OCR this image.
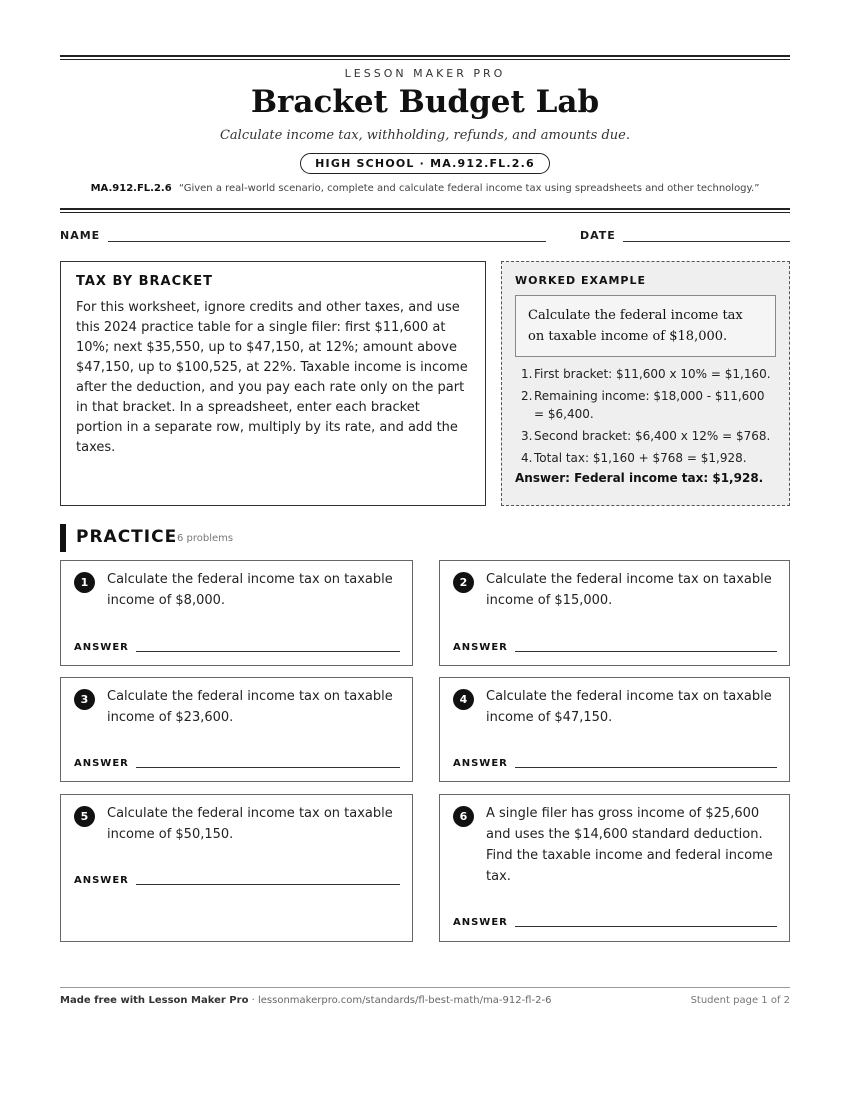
LESSON MAKER PRO
Bracket Budget Lab
Calculate income tax, withholding, refunds, and amounts due.
HIGH SCHOOL · MA.912.FL.2.6
MA.912.FL.2.6 “Given a real-world scenario, complete and calculate federal income tax using spreadsheets and other technology.”
NAME	DATE
TAX BY BRACKET
For this worksheet, ignore credits and other taxes, and use this 2024 practice table for a single filer: first $11,600 at 10%; next $35,550, up to $47,150, at 12%; amount above $47,150, up to $100,525, at 22%. Taxable income is income after the deduction, and you pay each rate only on the part in that bracket. In a spreadsheet, enter each bracket portion in a separate row, multiply by its rate, and add the taxes.
WORKED EXAMPLE
Calculate the federal income tax on taxable income of $18,000.
1. First bracket: $11,600 x 10% = $1,160.
2. Remaining income: $18,000 - $11,600 = $6,400.
3. Second bracket: $6,400 x 12% = $768.
4. Total tax: $1,160 + $768 = $1,928.
Answer: Federal income tax: $1,928.
PRACTICE 6 problems
1	Calculate the federal income tax on taxable income of $8,000.
ANSWER
2	Calculate the federal income tax on taxable income of $15,000.
ANSWER
3	Calculate the federal income tax on taxable income of $23,600.
ANSWER
4	Calculate the federal income tax on taxable income of $47,150.
ANSWER
5	Calculate the federal income tax on taxable income of $50,150.
ANSWER
6	A single filer has gross income of $25,600 and uses the $14,600 standard deduction. Find the taxable income and federal income tax.
ANSWER
Made free with Lesson Maker Pro · lessonmakerpro.com/standards/fl-best-math/ma-912-fl-2-6	Student page 1 of 2
